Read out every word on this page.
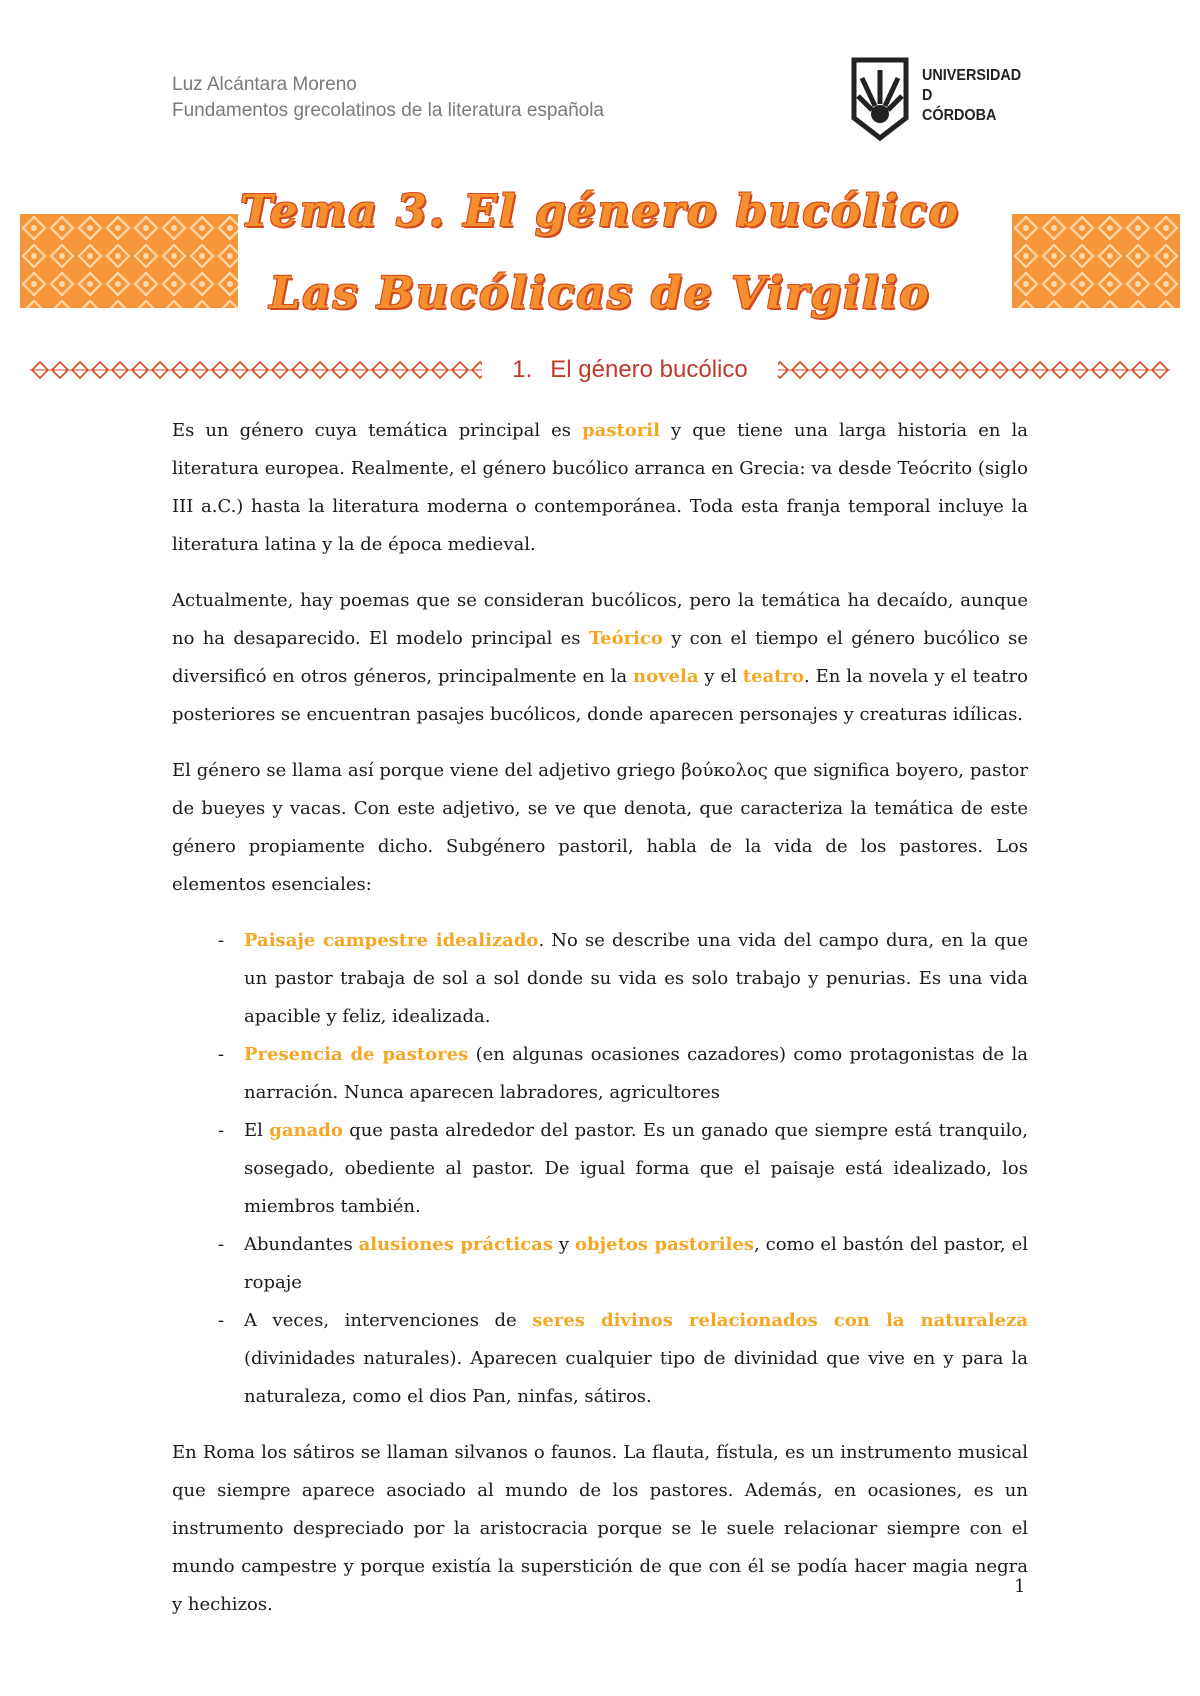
Luz Alcántara Moreno
Fundamentos grecolatinos de la literatura española
UNIVERSIDAD
D
CÓRDOBA
Tema 3. El género bucólico
Las Bucólicas de Virgilio
1. El género bucólico

Es un género cuya temática principal es pastoril y que tiene una larga historia en la literatura europea. Realmente, el género bucólico arranca en Grecia: va desde Teócrito (siglo III a.C.) hasta la literatura moderna o contemporánea. Toda esta franja temporal incluye la literatura latina y la de época medieval.

Actualmente, hay poemas que se consideran bucólicos, pero la temática ha decaído, aunque no ha desaparecido. El modelo principal es Teórico y con el tiempo el género bucólico se diversificó en otros géneros, principalmente en la novela y el teatro. En la novela y el teatro posteriores se encuentran pasajes bucólicos, donde aparecen personajes y creaturas idílicas.

El género se llama así porque viene del adjetivo griego βούκολος que significa boyero, pastor de bueyes y vacas. Con este adjetivo, se ve que denota, que caracteriza la temática de este género propiamente dicho. Subgénero pastoril, habla de la vida de los pastores. Los elementos esenciales:

- Paisaje campestre idealizado. No se describe una vida del campo dura, en la que un pastor trabaja de sol a sol donde su vida es solo trabajo y penurias. Es una vida apacible y feliz, idealizada.
- Presencia de pastores (en algunas ocasiones cazadores) como protagonistas de la narración. Nunca aparecen labradores, agricultores
- El ganado que pasta alrededor del pastor. Es un ganado que siempre está tranquilo, sosegado, obediente al pastor. De igual forma que el paisaje está idealizado, los miembros también.
- Abundantes alusiones prácticas y objetos pastoriles, como el bastón del pastor, el ropaje
- A veces, intervenciones de seres divinos relacionados con la naturaleza (divinidades naturales). Aparecen cualquier tipo de divinidad que vive en y para la naturaleza, como el dios Pan, ninfas, sátiros.

En Roma los sátiros se llaman silvanos o faunos. La flauta, fístula, es un instrumento musical que siempre aparece asociado al mundo de los pastores. Además, en ocasiones, es un instrumento despreciado por la aristocracia porque se le suele relacionar siempre con el mundo campestre y porque existía la superstición de que con él se podía hacer magia negra y hechizos.

1
